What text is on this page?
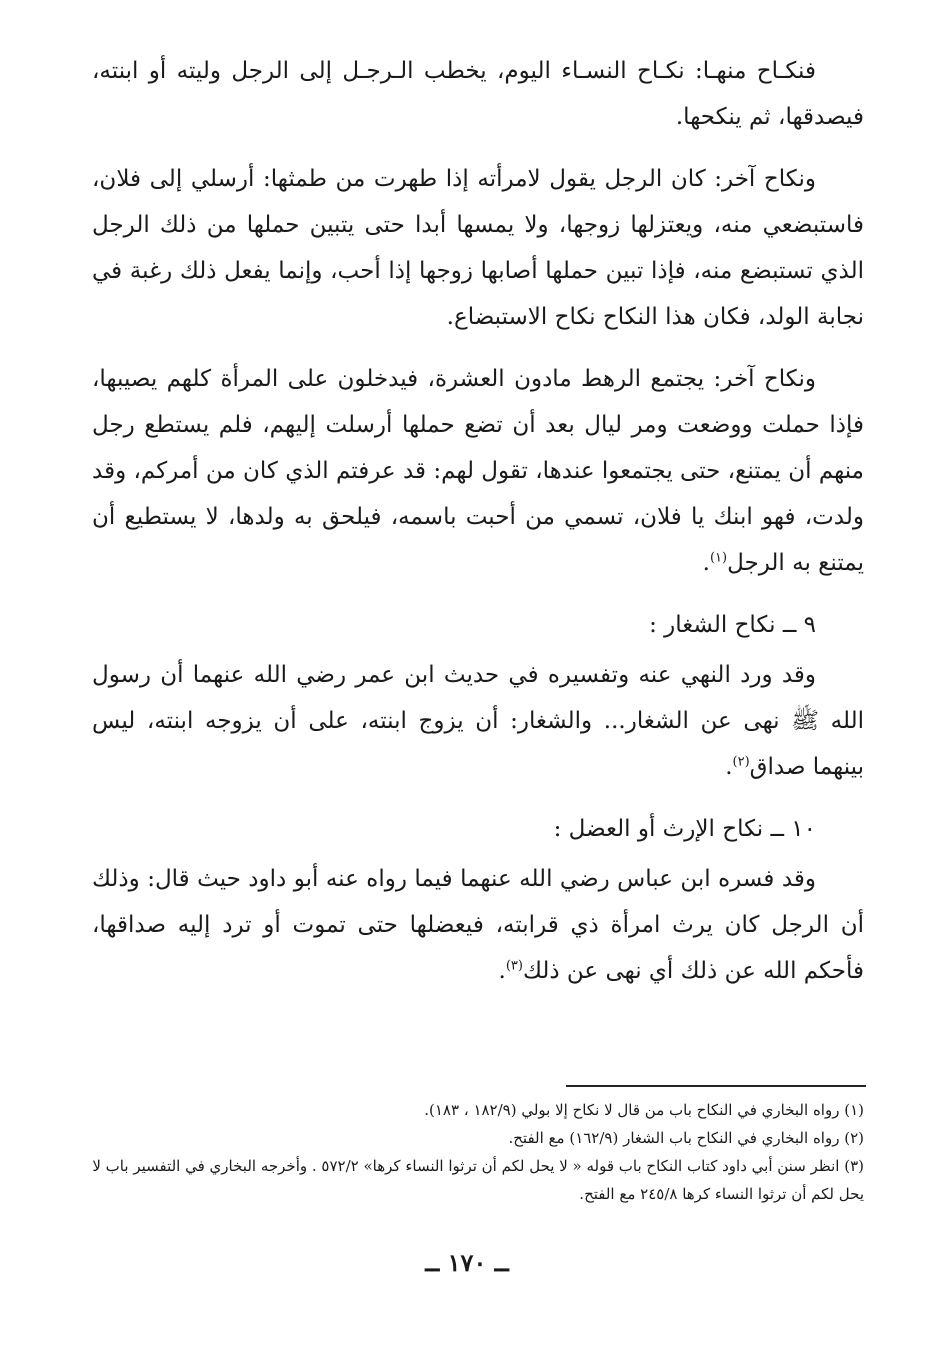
فنكـاح منهـا: نكـاح النسـاء اليوم، يخطب الـرجـل إلى الرجل وليته أو ابنته، فيصدقها، ثم ينكحها.

ونكاح آخر: كان الرجل يقول لامرأته إذا طهرت من طمثها: أرسلي إلى فلان، فاستبضعي منه، ويعتزلها زوجها، ولا يمسها أبدا حتى يتبين حملها من ذلك الرجل الذي تستبضع منه، فإذا تبين حملها أصابها زوجها إذا أحب، وإنما يفعل ذلك رغبة في نجابة الولد، فكان هذا النكاح نكاح الاستبضاع.

ونكاح آخر: يجتمع الرهط مادون العشرة، فيدخلون على المرأة كلهم يصيبها، فإذا حملت ووضعت ومر ليال بعد أن تضع حملها أرسلت إليهم، فلم يستطع رجل منهم أن يمتنع، حتى يجتمعوا عندها، تقول لهم: قد عرفتم الذي كان من أمركم، وقد ولدت، فهو ابنك يا فلان، تسمي من أحبت باسمه، فيلحق به ولدها، لا يستطيع أن يمتنع به الرجل$^{(١)}$.

٩ ــ نكاح الشغار :

وقد ورد النهي عنه وتفسيره في حديث ابن عمر رضي الله عنهما أن رسول الله ﷺ نهى عن الشغار... والشغار: أن يزوج ابنته، على أن يزوجه ابنته، ليس بينهما صداق$^{(٢)}$.

١٠ ــ نكاح الإرث أو العضل :

وقد فسره ابن عباس رضي الله عنهما فيما رواه عنه أبو داود حيث قال: وذلك أن الرجل كان يرث امرأة ذي قرابته، فيعضلها حتى تموت أو ترد إليه صداقها، فأحكم الله عن ذلك أي نهى عن ذلك$^{(٣)}$.

(١) رواه البخاري في النكاح باب من قال لا نكاح إلا بولي (١٨٢/٩ ، ١٨٣).

(٢) رواه البخاري في النكاح باب الشغار (١٦٢/٩) مع الفتح.

(٣) انظر سنن أبي داود كتاب النكاح باب قوله « لا يحل لكم أن ترثوا النساء كرها» ٥٧٢/٢ . وأخرجه البخاري في التفسير باب لا يحل لكم أن ترثوا النساء كرها ٢٤٥/٨ مع الفتح.

ــ ١٧٠ ــ
